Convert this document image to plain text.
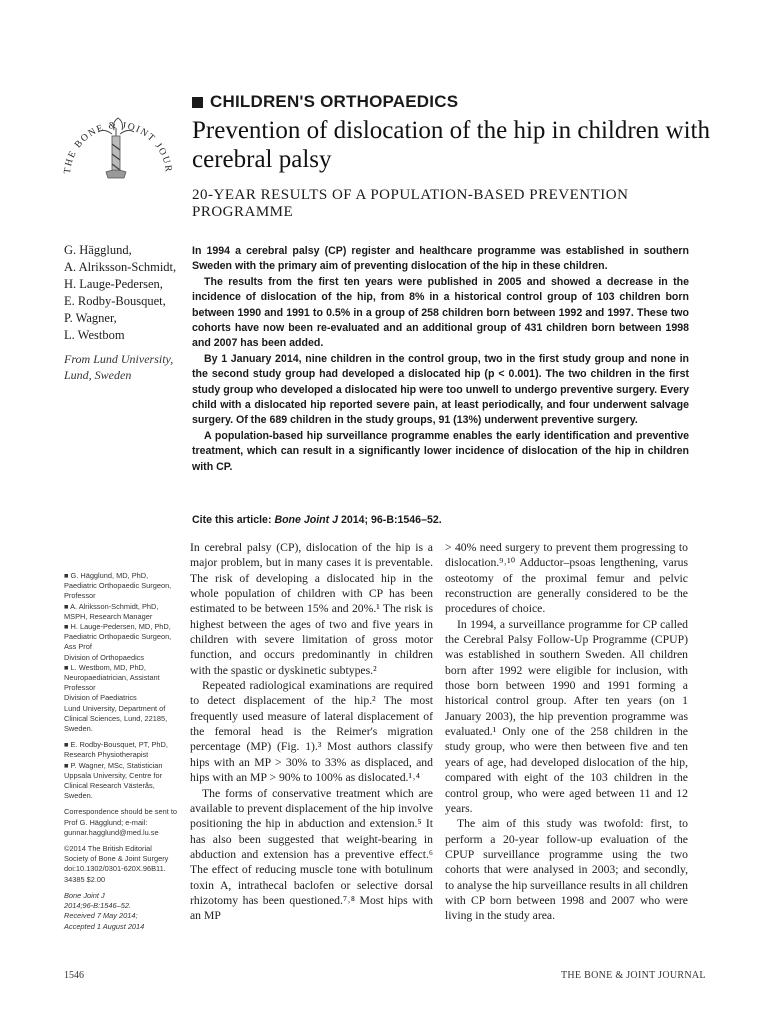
THE BONE & JOINT JOUR
CHILDREN'S ORTHOPAEDICS
Prevention of dislocation of the hip in children with cerebral palsy
20-YEAR RESULTS OF A POPULATION-BASED PREVENTION PROGRAMME
G. Hägglund,
A. Alriksson-Schmidt,
H. Lauge-Pedersen,
E. Rodby-Bousquet,
P. Wagner,
L. Westbom
From Lund University, Lund, Sweden

In 1994 a cerebral palsy (CP) register and healthcare programme was established in southern Sweden with the primary aim of preventing dislocation of the hip in these children.

The results from the first ten years were published in 2005 and showed a decrease in the incidence of dislocation of the hip, from 8% in a historical control group of 103 children born between 1990 and 1991 to 0.5% in a group of 258 children born between 1992 and 1997. These two cohorts have now been re-evaluated and an additional group of 431 children born between 1998 and 2007 has been added.

By 1 January 2014, nine children in the control group, two in the first study group and none in the second study group had developed a dislocated hip (p < 0.001). The two children in the first study group who developed a dislocated hip were too unwell to undergo preventive surgery. Every child with a dislocated hip reported severe pain, at least periodically, and four underwent salvage surgery. Of the 689 children in the study groups, 91 (13%) underwent preventive surgery.

A population-based hip surveillance programme enables the early identification and preventive treatment, which can result in a significantly lower incidence of dislocation of the hip in children with CP.

Cite this article: Bone Joint J 2014; 96-B:1546–52.
■ G. Hägglund, MD, PhD, Paediatric Orthopaedic Surgeon, Professor
■ A. Alriksson-Schmidt, PhD, MSPH, Research Manager
■ H. Lauge-Pedersen, MD, PhD, Paediatric Orthopaedic Surgeon, Ass Prof
Division of Orthopaedics
■ L. Westbom, MD, PhD, Neuropaediatrician, Assistant Professor
Division of Paediatrics
Lund University, Department of Clinical Sciences, Lund, 22185, Sweden.
■ E. Rodby-Bousquet, PT, PhD, Research Physiotherapist
■ P. Wagner, MSc, Statistician Uppsala University, Centre for Clinical Research Västerås, Sweden.
Correspondence should be sent to Prof G. Hägglund; e-mail: gunnar.hagglund@med.lu.se
©2014 The British Editorial Society of Bone & Joint Surgery doi:10.1302/0301-620X.96B11. 34385 $2.00
Bone Joint J
2014;96-B:1546–52.
Received 7 May 2014;
Accepted 1 August 2014

In cerebral palsy (CP), dislocation of the hip is a major problem, but in many cases it is preventable. The risk of developing a dislocated hip in the whole population of children with CP has been estimated to be between 15% and 20%.¹ The risk is highest between the ages of two and five years in children with severe limitation of gross motor function, and occurs predominantly in children with the spastic or dyskinetic subtypes.²

Repeated radiological examinations are required to detect displacement of the hip.² The most frequently used measure of lateral displacement of the femoral head is the Reimer's migration percentage (MP) (Fig. 1).³ Most authors classify hips with an MP > 30% to 33% as displaced, and hips with an MP > 90% to 100% as dislocated.¹˒⁴

The forms of conservative treatment which are available to prevent displacement of the hip involve positioning the hip in abduction and extension.⁵ It has also been suggested that weight-bearing in abduction and extension has a preventive effect.⁶ The effect of reducing muscle tone with botulinum toxin A, intrathecal baclofen or selective dorsal rhizotomy has been questioned.⁷˒⁸ Most hips with an MP

> 40% need surgery to prevent them progressing to dislocation.⁹˒¹⁰ Adductor–psoas lengthening, varus osteotomy of the proximal femur and pelvic reconstruction are generally considered to be the procedures of choice.

In 1994, a surveillance programme for CP called the Cerebral Palsy Follow-Up Programme (CPUP) was established in southern Sweden. All children born after 1992 were eligible for inclusion, with those born between 1990 and 1991 forming a historical control group. After ten years (on 1 January 2003), the hip prevention programme was evaluated.¹ Only one of the 258 children in the study group, who were then between five and ten years of age, had developed dislocation of the hip, compared with eight of the 103 children in the control group, who were aged between 11 and 12 years.

The aim of this study was twofold: first, to perform a 20-year follow-up evaluation of the CPUP surveillance programme using the two cohorts that were analysed in 2003; and secondly, to analyse the hip surveillance results in all children with CP born between 1998 and 2007 who were living in the study area.

1546	THE BONE & JOINT JOURNAL
